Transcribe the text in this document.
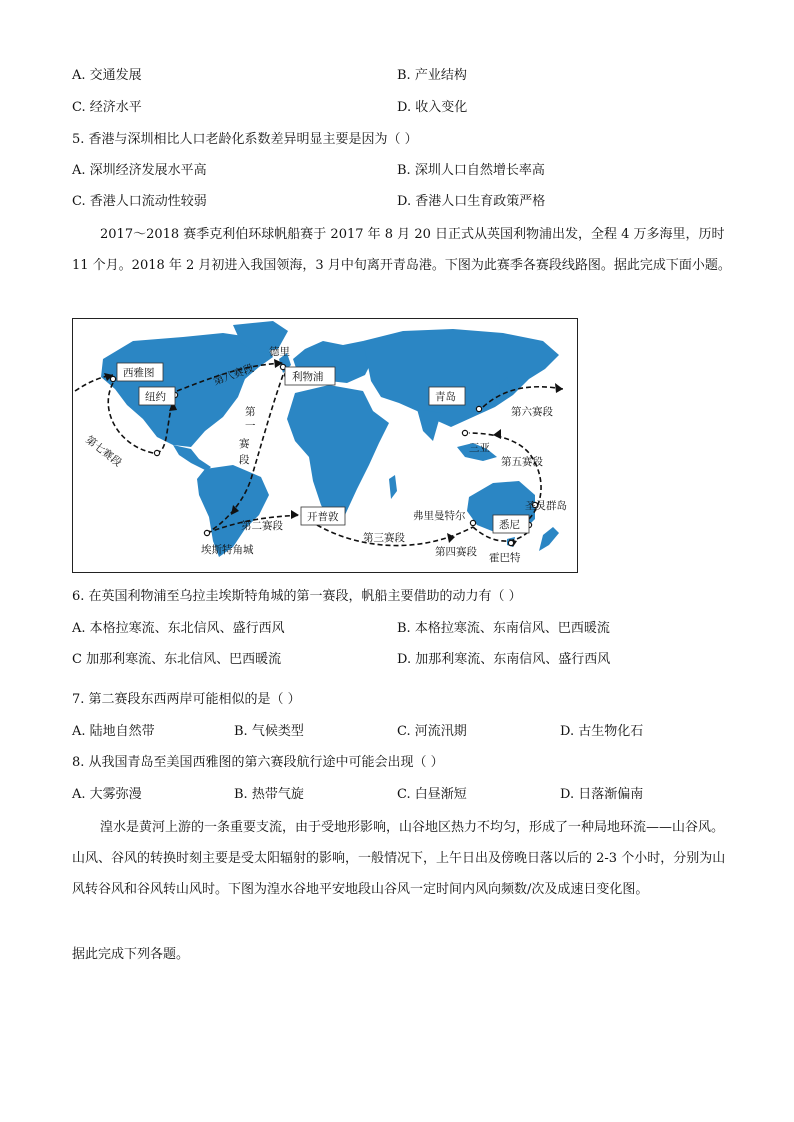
A. 交通发展	B. 产业结构
C. 经济水平	D. 收入变化
5. 香港与深圳相比人口老龄化系数差异明显主要是因为（ ）
A. 深圳经济发展水平高	B. 深圳人口自然增长率高
C. 香港人口流动性较弱	D. 香港人口生育政策严格
2017～2018 赛季克利伯环球帆船赛于 2017 年 8 月 20 日正式从英国利物浦出发，全程 4 万多海里，历时 11 个月。2018 年 2 月初进入我国领海，3 月中旬离开青岛港。下图为此赛季各赛段线路图。据此完成下面小题。
西雅图
纽约
德里
利物浦
青岛
三亚
开普敦	弗里曼特尔
悉尼
圣灵群岛
霍巴特
埃斯特角城
第
一
赛
段
第二赛段
第三赛段
第四赛段
第五赛段
第六赛段
第七赛段
第八赛段
6. 在英国利物浦至乌拉圭埃斯特角城的第一赛段，帆船主要借助的动力有（ ）
A. 本格拉寒流、东北信风、盛行西风	B. 本格拉寒流、东南信风、巴西暖流
C 加那利寒流、东北信风、巴西暖流	D. 加那利寒流、东南信风、盛行西风
7. 第二赛段东西两岸可能相似的是（ ）
A. 陆地自然带	B. 气候类型	C. 河流汛期	D. 古生物化石
8. 从我国青岛至美国西雅图的第六赛段航行途中可能会出现（ ）
A. 大雾弥漫	B. 热带气旋	C. 白昼渐短	D. 日落渐偏南
湟水是黄河上游的一条重要支流，由于受地形影响，山谷地区热力不均匀，形成了一种局地环流——山谷风。山风、谷风的转换时刻主要是受太阳辐射的影响，一般情况下，上午日出及傍晚日落以后的 2-3 个小时，分别为山风转谷风和谷风转山风时。下图为湟水谷地平安地段山谷风一定时间内风向频数/次及成速日变化图。
据此完成下列各题。
